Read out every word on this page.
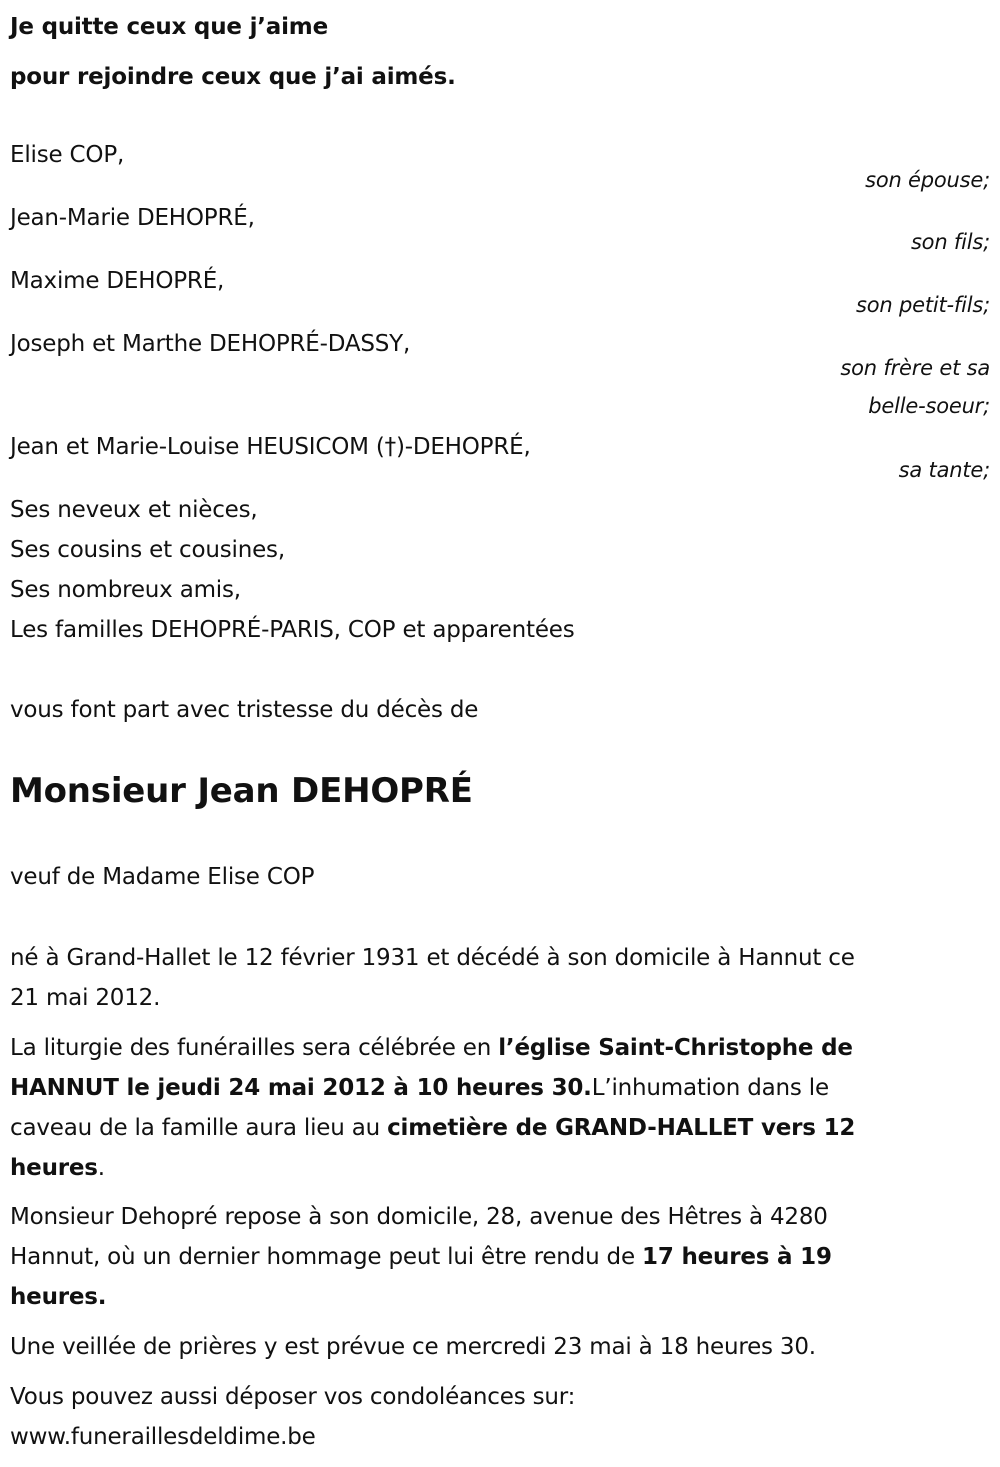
Je quitte ceux que j’aime
pour rejoindre ceux que j’ai aimés.
Elise COP,
son épouse;
Jean-Marie DEHOPRÉ,
son fils;
Maxime DEHOPRÉ,
son petit-fils;
Joseph et Marthe DEHOPRÉ-DASSY,
son frère et sa
belle-soeur;
Jean et Marie-Louise HEUSICOM (†)-DEHOPRÉ,
sa tante;
Ses neveux et nièces,
Ses cousins et cousines,
Ses nombreux amis,
Les familles DEHOPRÉ-PARIS, COP et apparentées
vous font part avec tristesse du décès de
Monsieur Jean DEHOPRÉ
veuf de Madame Elise COP
né à Grand-Hallet le 12 février 1931 et décédé à son domicile à Hannut ce
21 mai 2012.
La liturgie des funérailles sera célébrée en l’église Saint-Christophe de
HANNUT le jeudi 24 mai 2012 à 10 heures 30.L’inhumation dans le
caveau de la famille aura lieu au cimetière de GRAND-HALLET vers 12
heures.
Monsieur Dehopré repose à son domicile, 28, avenue des Hêtres à 4280
Hannut, où un dernier hommage peut lui être rendu de 17 heures à 19
heures.
Une veillée de prières y est prévue ce mercredi 23 mai à 18 heures 30.
Vous pouvez aussi déposer vos condoléances sur:
www.funeraillesdeldime.be
